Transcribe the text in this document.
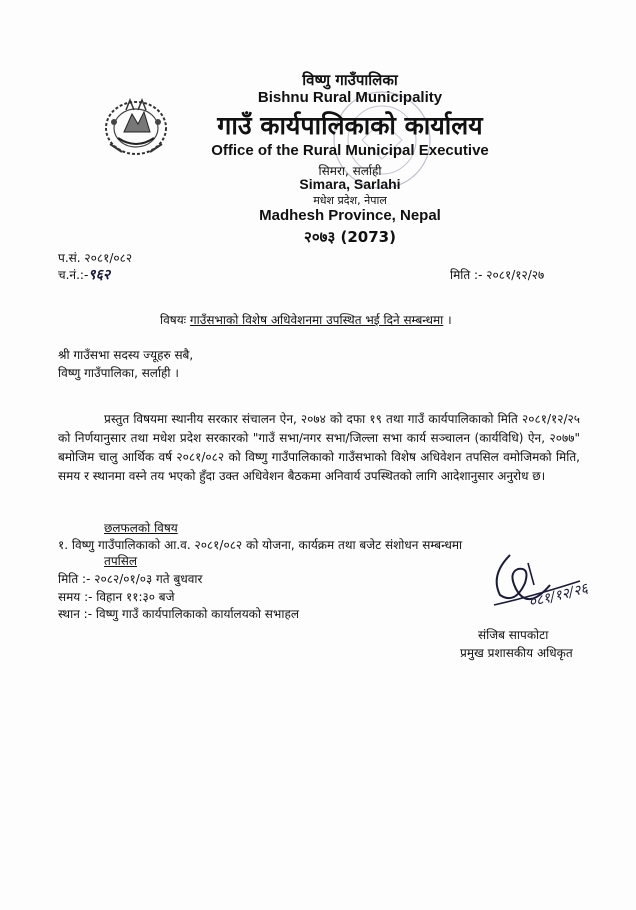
विष्णु गाउँपालिका
Bishnu Rural Municipality
गाउँ कार्यपालिकाको कार्यालय
Office of the Rural Municipal Executive
सिमरा, सर्लाही
Simara, Sarlahi
मधेश प्रदेश, नेपाल
Madhesh Province, Nepal
२०७३ (2073)
प.सं. २०८१/०८२
च.नं.:-९६२	मिति :- २०८१/१२/२७
विषयः गाउँसभाको विशेष अधिवेशनमा उपस्थित भई दिने सम्बन्धमा ।
श्री गाउँसभा सदस्य ज्यूहरु सबै,
विष्णु गाउँपालिका, सर्लाही ।
प्रस्तुत विषयमा स्थानीय सरकार संचालन ऐन, २०७४ को दफा १९ तथा गाउँ कार्यपालिकाको मिति २०८१/१२/२५ को निर्णयानुसार तथा मधेश प्रदेश सरकारको "गाउँ सभा/नगर सभा/जिल्ला सभा कार्य सञ्चालन (कार्यविधि) ऐन, २०७७" बमोजिम चालु आर्थिक वर्ष २०८१/०८२ को विष्णु गाउँपालिकाको गाउँसभाको विशेष अधिवेशन तपसिल वमोजिमको मिति, समय र स्थानमा वस्ने तय भएको हुँदा उक्त अधिवेशन बैठकमा अनिवार्य उपस्थितको लागि आदेशानुसार अनुरोध छ।
छलफलको विषय
१. विष्णु गाउँपालिकाको आ.व. २०८१/०८२ को योजना, कार्यक्रम तथा बजेट संशोधन सम्बन्धमा
तपसिल
मिति :- २०८२/०१/०३ गते बुधवार
समय :- विहान ११:३० बजे
स्थान :- विष्णु गाउँ कार्यपालिकाको कार्यालयको सभाहल
०८१/१२/२६
संजिब सापकोटा
प्रमुख प्रशासकीय अधिकृत
